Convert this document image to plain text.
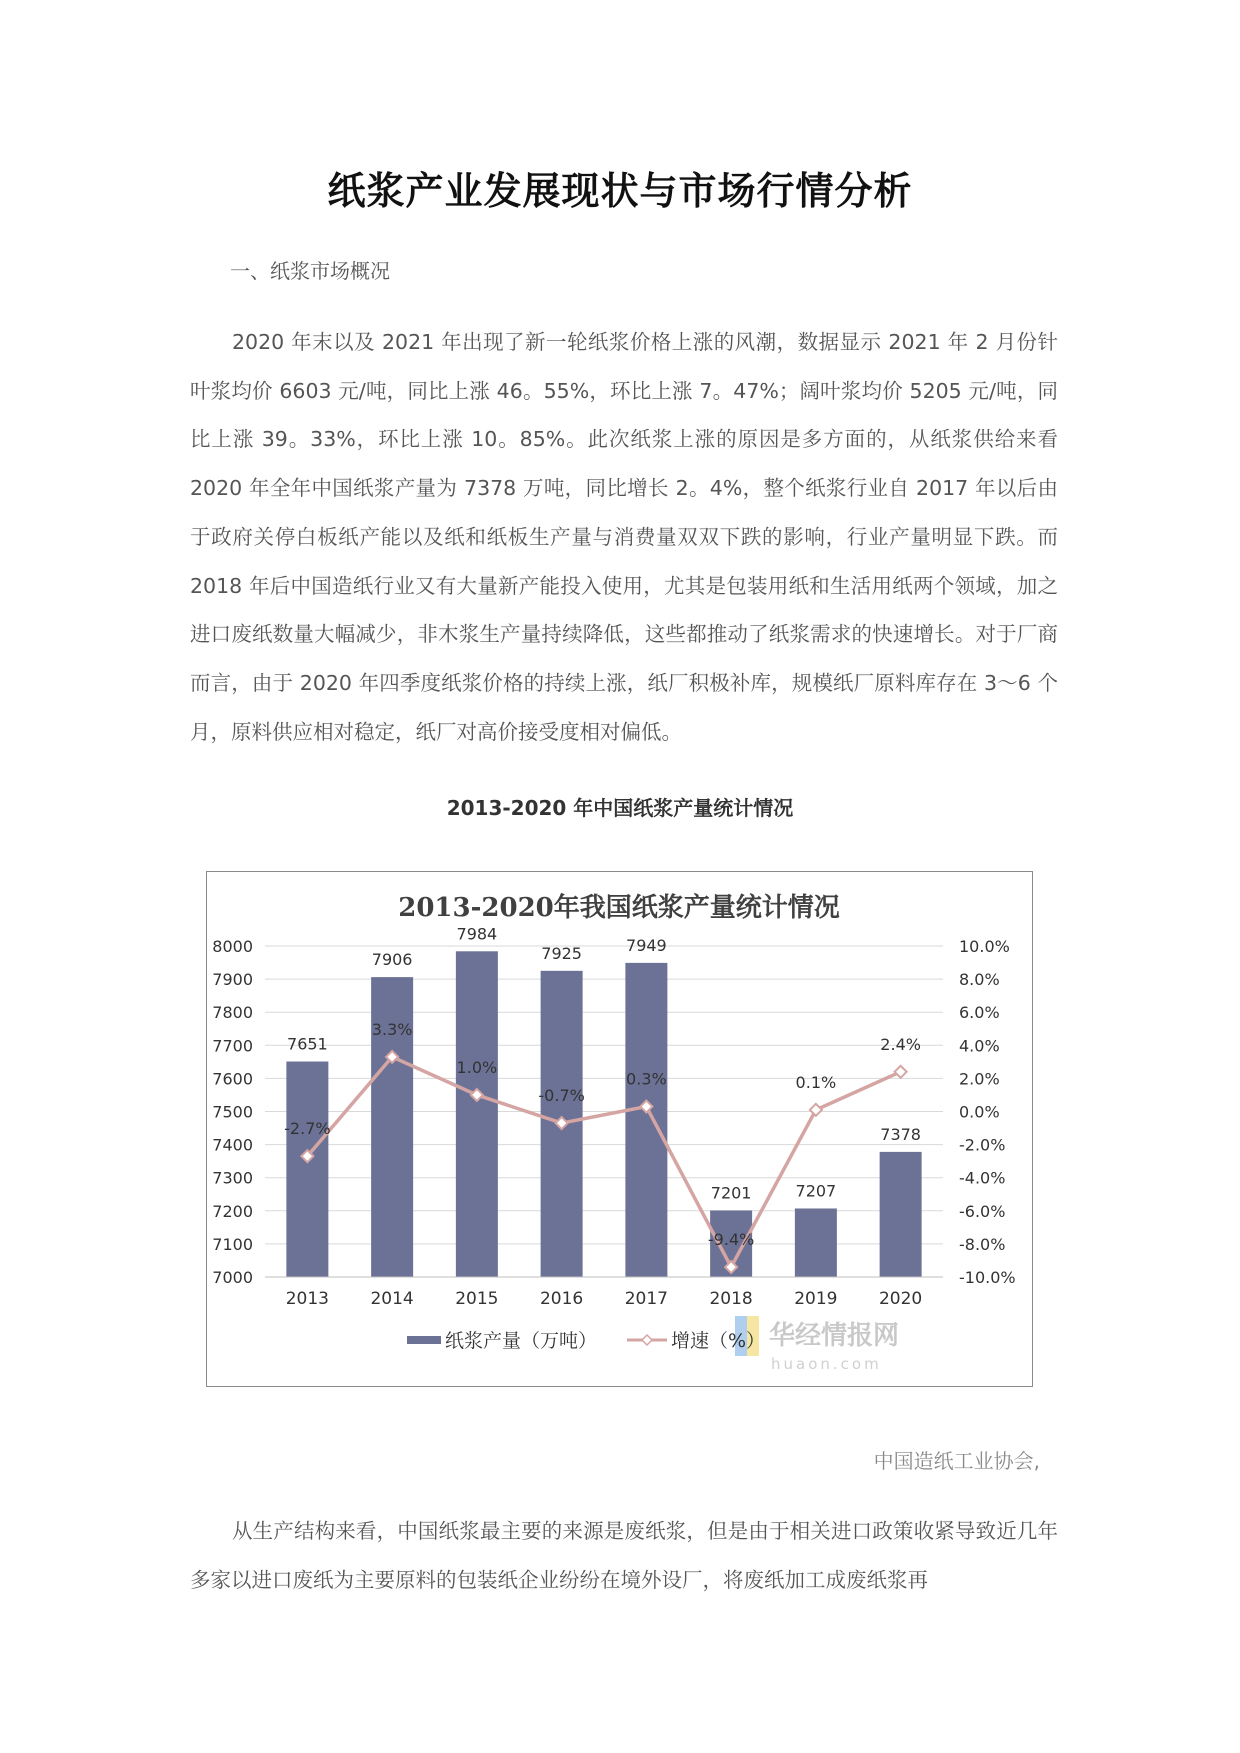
纸浆产业发展现状与市场行情分析
一、纸浆市场概况

2020 年末以及 2021 年出现了新一轮纸浆价格上涨的风潮，数据显示 2021 年 2 月份针叶浆均价 6603 元/吨，同比上涨 46。55%，环比上涨 7。47%；阔叶浆均价 5205 元/吨，同比上涨 39。33%，环比上涨 10。85%。此次纸浆上涨的原因是多方面的，从纸浆供给来看 2020 年全年中国纸浆产量为 7378 万吨，同比增长 2。4%，整个纸浆行业自 2017 年以后由于政府关停白板纸产能以及纸和纸板生产量与消费量双双下跌的影响，行业产量明显下跌。而 2018 年后中国造纸行业又有大量新产能投入使用，尤其是包装用纸和生活用纸两个领域，加之进口废纸数量大幅减少，非木浆生产量持续降低，这些都推动了纸浆需求的快速增长。对于厂商而言，由于 2020 年四季度纸浆价格的持续上涨，纸厂积极补库，规模纸厂原料库存在 3～6 个月，原料供应相对稳定，纸厂对高价接受度相对偏低。

2013-2020 年中国纸浆产量统计情况
2013-2020年我国纸浆产量统计情况
7000
7100
7200
7300
7400
7500
7600
7700
7800
7900
8000
-10.0%
-8.0%
-6.0%
-4.0%
-2.0%
0.0%
2.0%
4.0%
6.0%
8.0%
10.0%
2013 2014 2015 2016 2017 2018 2019 2020
7651
7906
7984
7925	7949
7201	7207
7378
-2.7%
3.3%
1.0%
-0.7%
0.3%
-9.4%
0.1%
2.4%
华经情报网
huaon.com
纸浆产量（万吨）	增速（%）
中国造纸工业协会,

从生产结构来看，中国纸浆最主要的来源是废纸浆，但是由于相关进口政策收紧导致近几年多家以进口废纸为主要原料的包装纸企业纷纷在境外设厂，将废纸加工成废纸浆再
